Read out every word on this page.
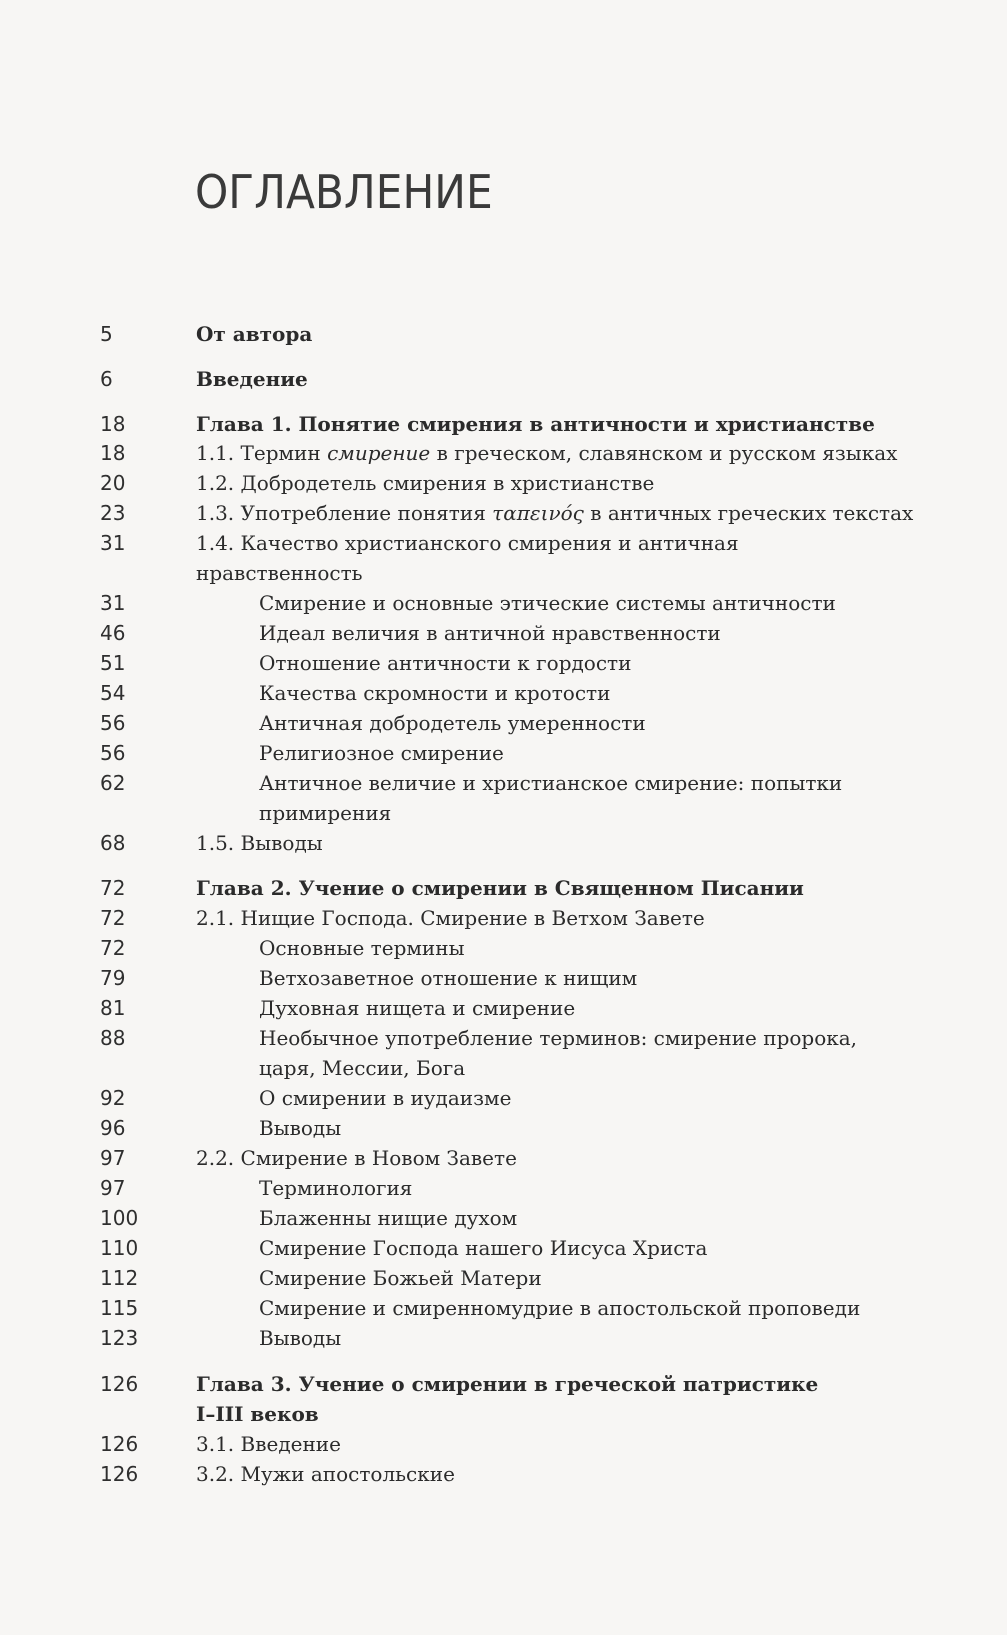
ОГЛАВЛЕНИЕ
5	От автора
6	Введение
18	Глава 1. Понятие смирения в античности и христианстве
18	1.1. Термин смирение в греческом, славянском и русском языках
20	1.2. Добродетель смирения в христианстве
23	1.3. Употребление понятия ταπεινός в античных греческих текстах
31	1.4. Качество христианского смирения и античная
нравственность
31	Смирение и основные этические системы античности
46	Идеал величия в античной нравственности
51	Отношение античности к гордости
54	Качества скромности и кротости
56	Античная добродетель умеренности
56	Религиозное смирение
62	Античное величие и христианское смирение: попытки
примирения
68	1.5. Выводы
72	Глава 2. Учение о смирении в Священном Писании
72	2.1. Нищие Господа. Смирение в Ветхом Завете
72	Основные термины
79	Ветхозаветное отношение к нищим
81	Духовная нищета и смирение
88	Необычное употребление терминов: смирение пророка,
царя, Мессии, Бога
92	О смирении в иудаизме
96	Выводы
97	2.2. Смирение в Новом Завете
97	Терминология
100	Блаженны нищие духом
110	Смирение Господа нашего Иисуса Христа
112	Смирение Божьей Матери
115	Смирение и смиренномудрие в апостольской проповеди
123	Выводы
126	Глава 3. Учение о смирении в греческой патристике
I–III веков
126	3.1. Введение
126	3.2. Мужи апостольские
